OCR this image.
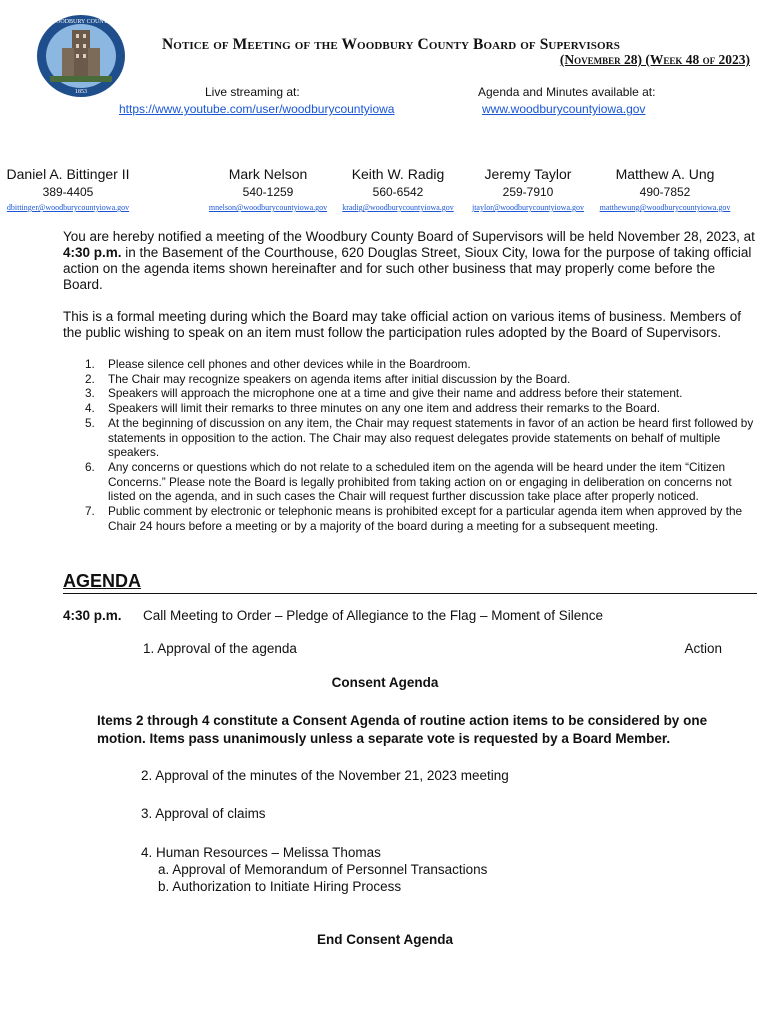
WOODBURY COUNTY
1853
Notice of Meeting of the Woodbury County Board of Supervisors
(November 28) (Week 48 of 2023)
Live streaming at:
https://www.youtube.com/user/woodburycountyiowa
Agenda and Minutes available at:
www.woodburycountyiowa.gov
Daniel A. Bittinger II
389-4405
dbittinger@woodburycountyiowa.gov
Mark Nelson
540-1259
mnelson@woodburycountyiowa.gov
Keith W. Radig
560-6542
kradig@woodburycountyiowa.gov
Jeremy Taylor
259-7910
jtaylor@woodburycountyiowa.gov
Matthew A. Ung
490-7852
matthewung@woodburycountyiowa.gov

You are hereby notified a meeting of the Woodbury County Board of Supervisors will be held November 28, 2023, at 4:30 p.m. in the Basement of the Courthouse, 620 Douglas Street, Sioux City, Iowa for the purpose of taking official action on the agenda items shown hereinafter and for such other business that may properly come before the Board.

This is a formal meeting during which the Board may take official action on various items of business. Members of the public wishing to speak on an item must follow the participation rules adopted by the Board of Supervisors.

1. Please silence cell phones and other devices while in the Boardroom.
2. The Chair may recognize speakers on agenda items after initial discussion by the Board.
3. Speakers will approach the microphone one at a time and give their name and address before their statement.
4. Speakers will limit their remarks to three minutes on any one item and address their remarks to the Board.
5. At the beginning of discussion on any item, the Chair may request statements in favor of an action be heard first followed by statements in opposition to the action. The Chair may also request delegates provide statements on behalf of multiple speakers.
6. Any concerns or questions which do not relate to a scheduled item on the agenda will be heard under the item “Citizen Concerns.” Please note the Board is legally prohibited from taking action on or engaging in deliberation on concerns not listed on the agenda, and in such cases the Chair will request further discussion take place after properly noticed.
7. Public comment by electronic or telephonic means is prohibited except for a particular agenda item when approved by the Chair 24 hours before a meeting or by a majority of the board during a meeting for a subsequent meeting.
AGENDA
4:30 p.m. Call Meeting to Order – Pledge of Allegiance to the Flag – Moment of Silence
1. Approval of the agenda	Action
Consent Agenda
Items 2 through 4 constitute a Consent Agenda of routine action items to be considered by one motion. Items pass unanimously unless a separate vote is requested by a Board Member.
2. Approval of the minutes of the November 21, 2023 meeting
3. Approval of claims
4. Human Resources – Melissa Thomas
a. Approval of Memorandum of Personnel Transactions
b. Authorization to Initiate Hiring Process
End Consent Agenda
